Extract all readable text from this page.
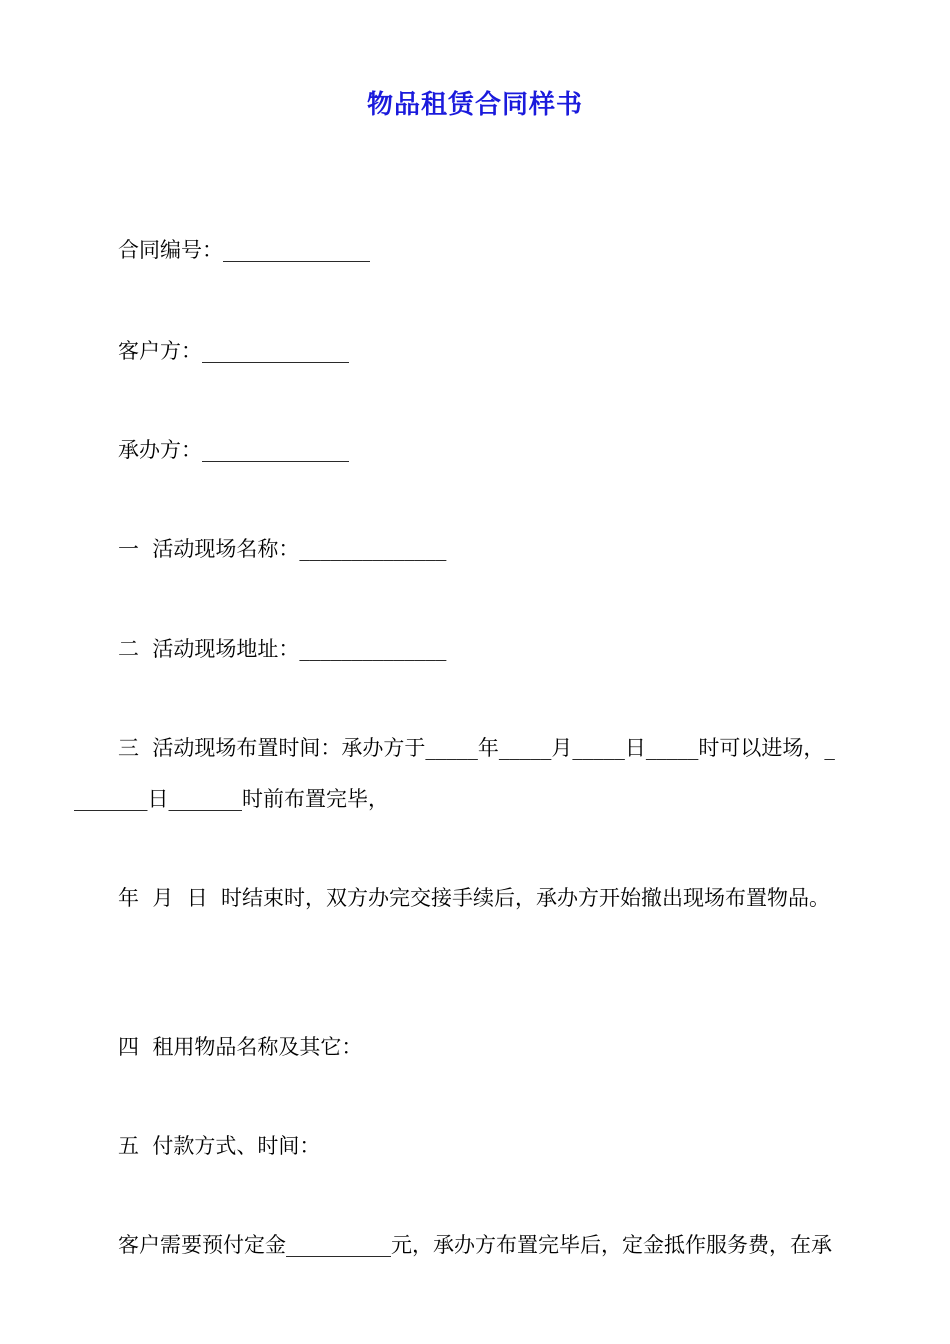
物品租赁合同样书
合同编号：______________
客户方：______________
承办方：______________
一  活动现场名称：______________
二  活动现场地址：______________
三  活动现场布置时间：承办方于_____年_____月_____日_____时可以进场，_
_______日_______时前布置完毕，
年  月  日  时结束时，双方办完交接手续后，承办方开始撤出现场布置物品。
四  租用物品名称及其它：
五  付款方式、时间：
客户需要预付定金__________元，承办方布置完毕后，定金抵作服务费，在承
